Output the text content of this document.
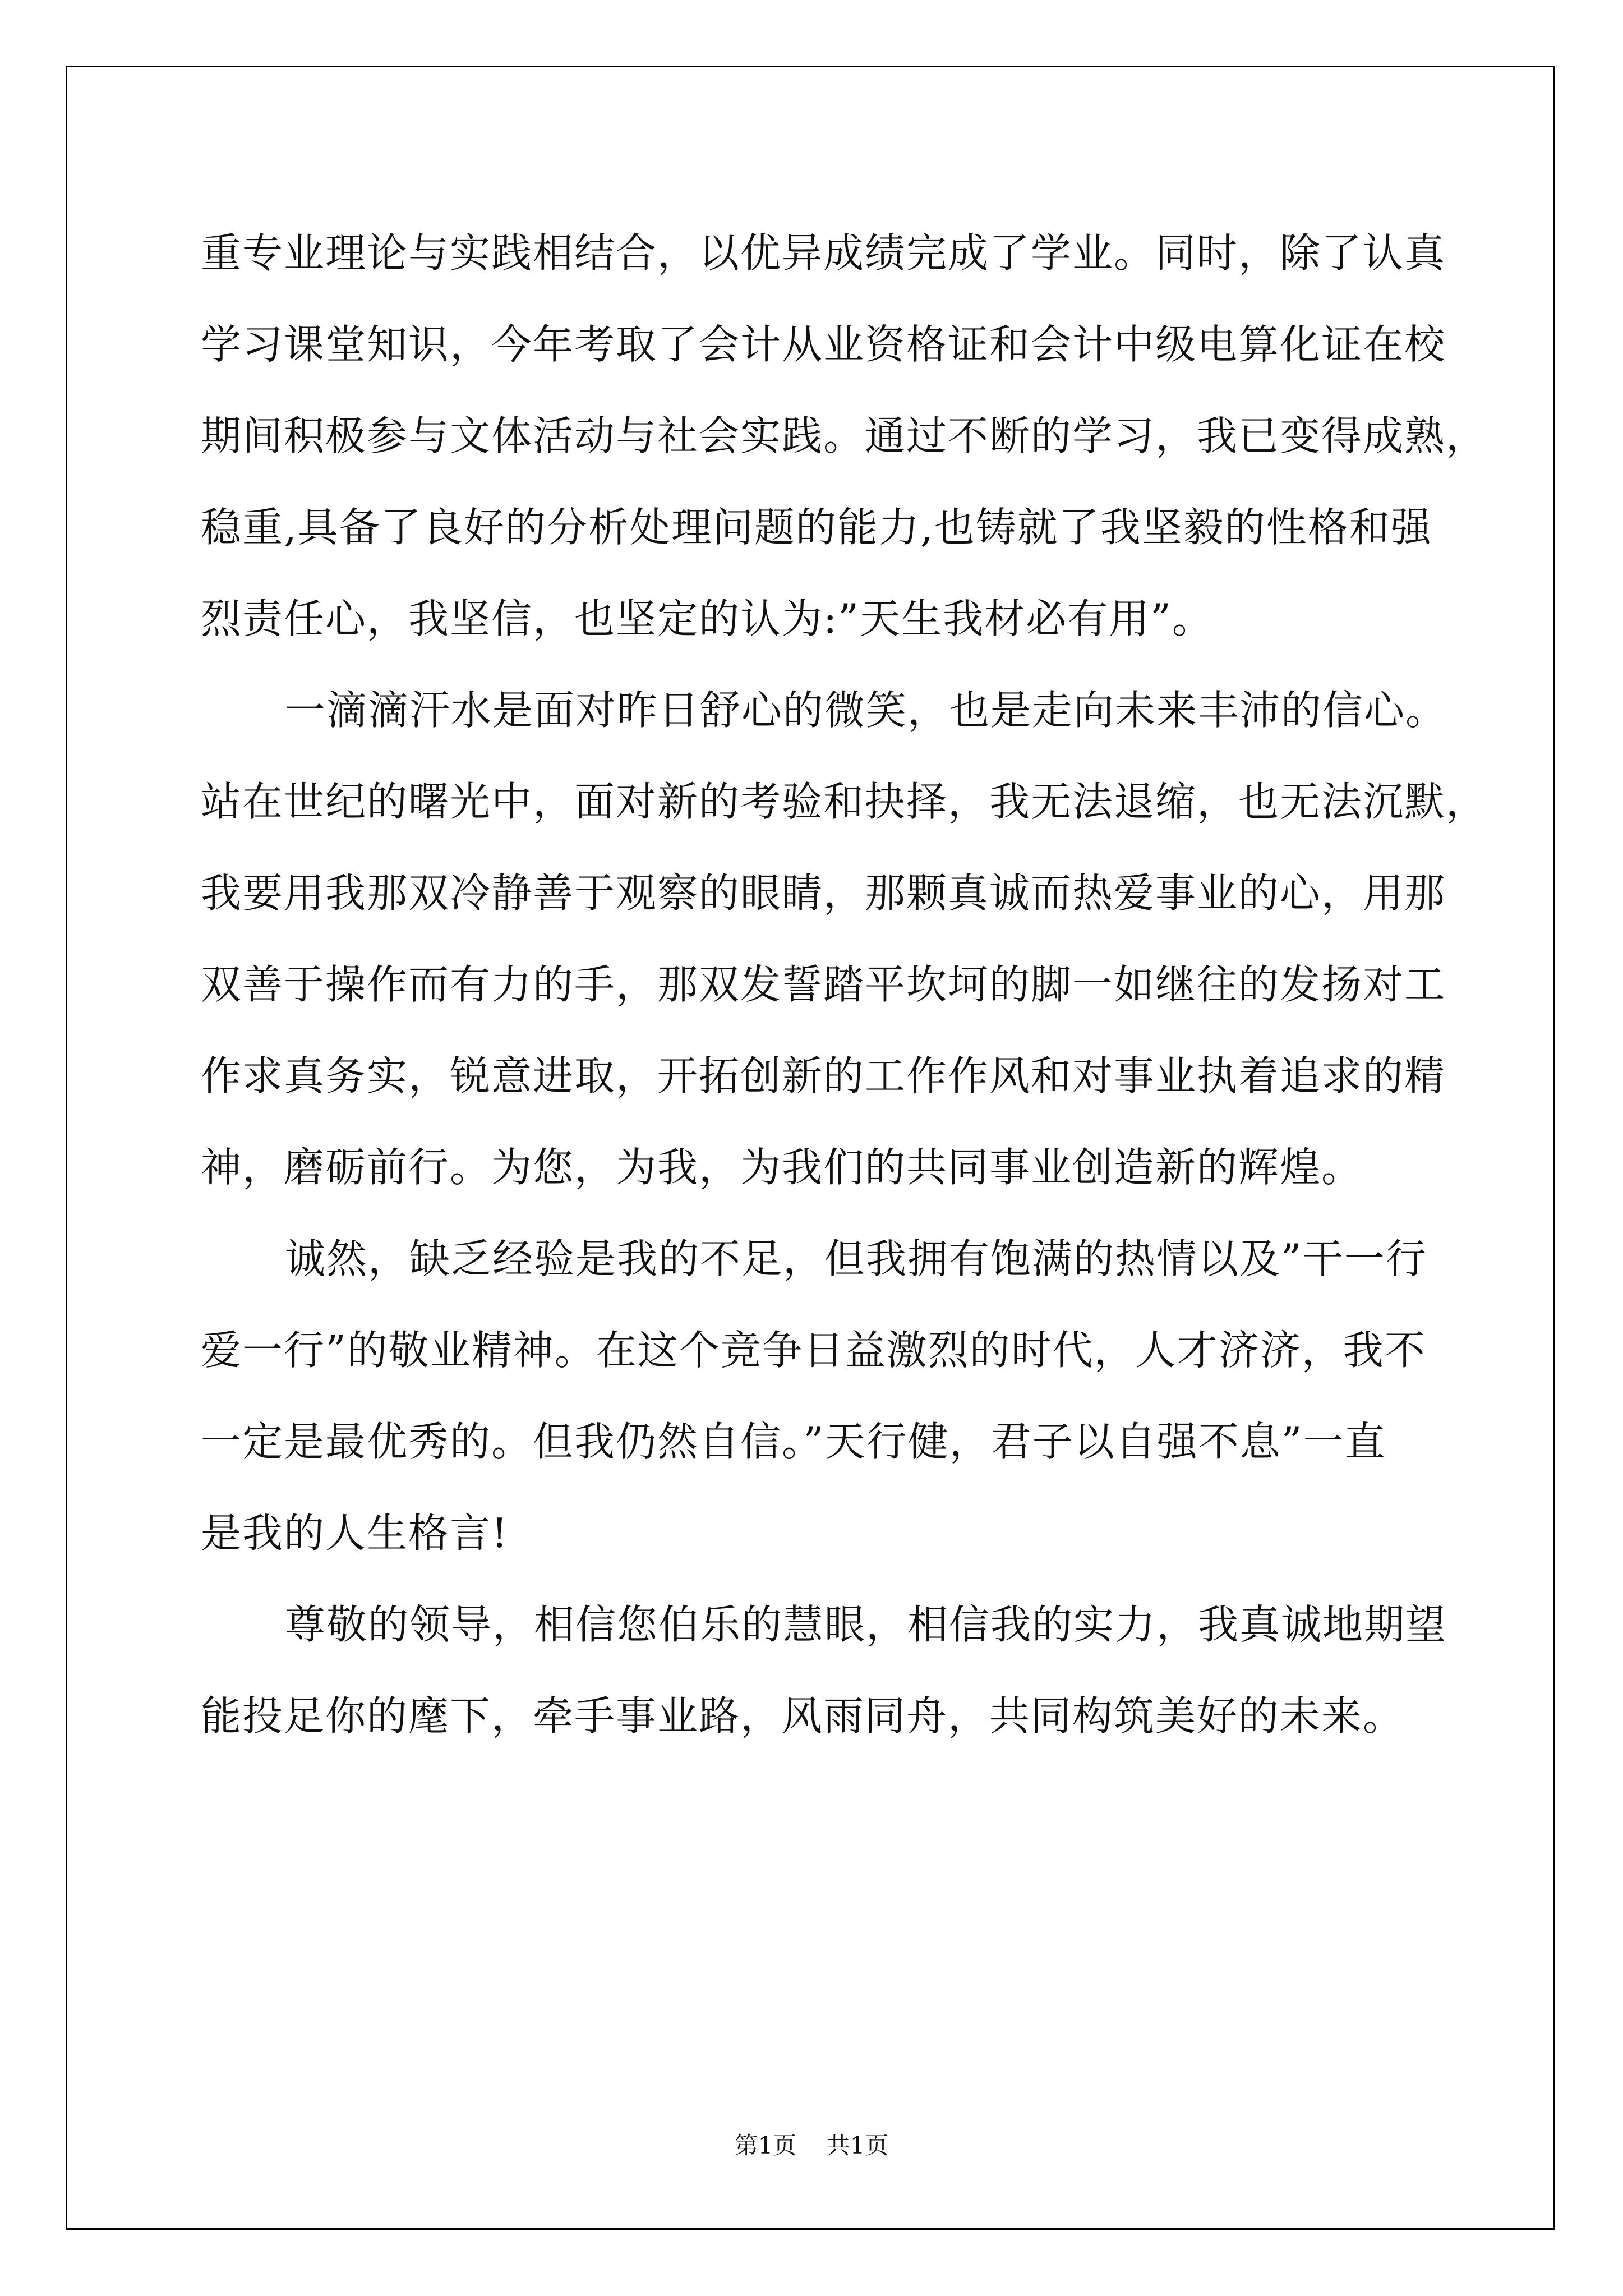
重专业理论与实践相结合，以优异成绩完成了学业。同时，除了认真
学习课堂知识，今年考取了会计从业资格证和会计中级电算化证在校
期间积极参与文体活动与社会实践。通过不断的学习，我已变得成熟，
稳重,具备了良好的分析处理问题的能力,也铸就了我坚毅的性格和强
烈责任心，我坚信，也坚定的认为:”天生我材必有用”。
一滴滴汗水是面对昨日舒心的微笑，也是走向未来丰沛的信心。
站在世纪的曙光中，面对新的考验和抉择，我无法退缩，也无法沉默，
我要用我那双冷静善于观察的眼睛，那颗真诚而热爱事业的心，用那
双善于操作而有力的手，那双发誓踏平坎坷的脚一如继往的发扬对工
作求真务实，锐意进取，开拓创新的工作作风和对事业执着追求的精
神，磨砺前行。为您，为我，为我们的共同事业创造新的辉煌。
诚然，缺乏经验是我的不足，但我拥有饱满的热情以及”干一行
爱一行”的敬业精神。在这个竞争日益激烈的时代，人才济济，我不
一定是最优秀的。但我仍然自信。”天行健，君子以自强不息”一直
是我的人生格言!
尊敬的领导，相信您伯乐的慧眼，相信我的实力，我真诚地期望
能投足你的麾下，牵手事业路，风雨同舟，共同构筑美好的未来。
第1页 共1页
